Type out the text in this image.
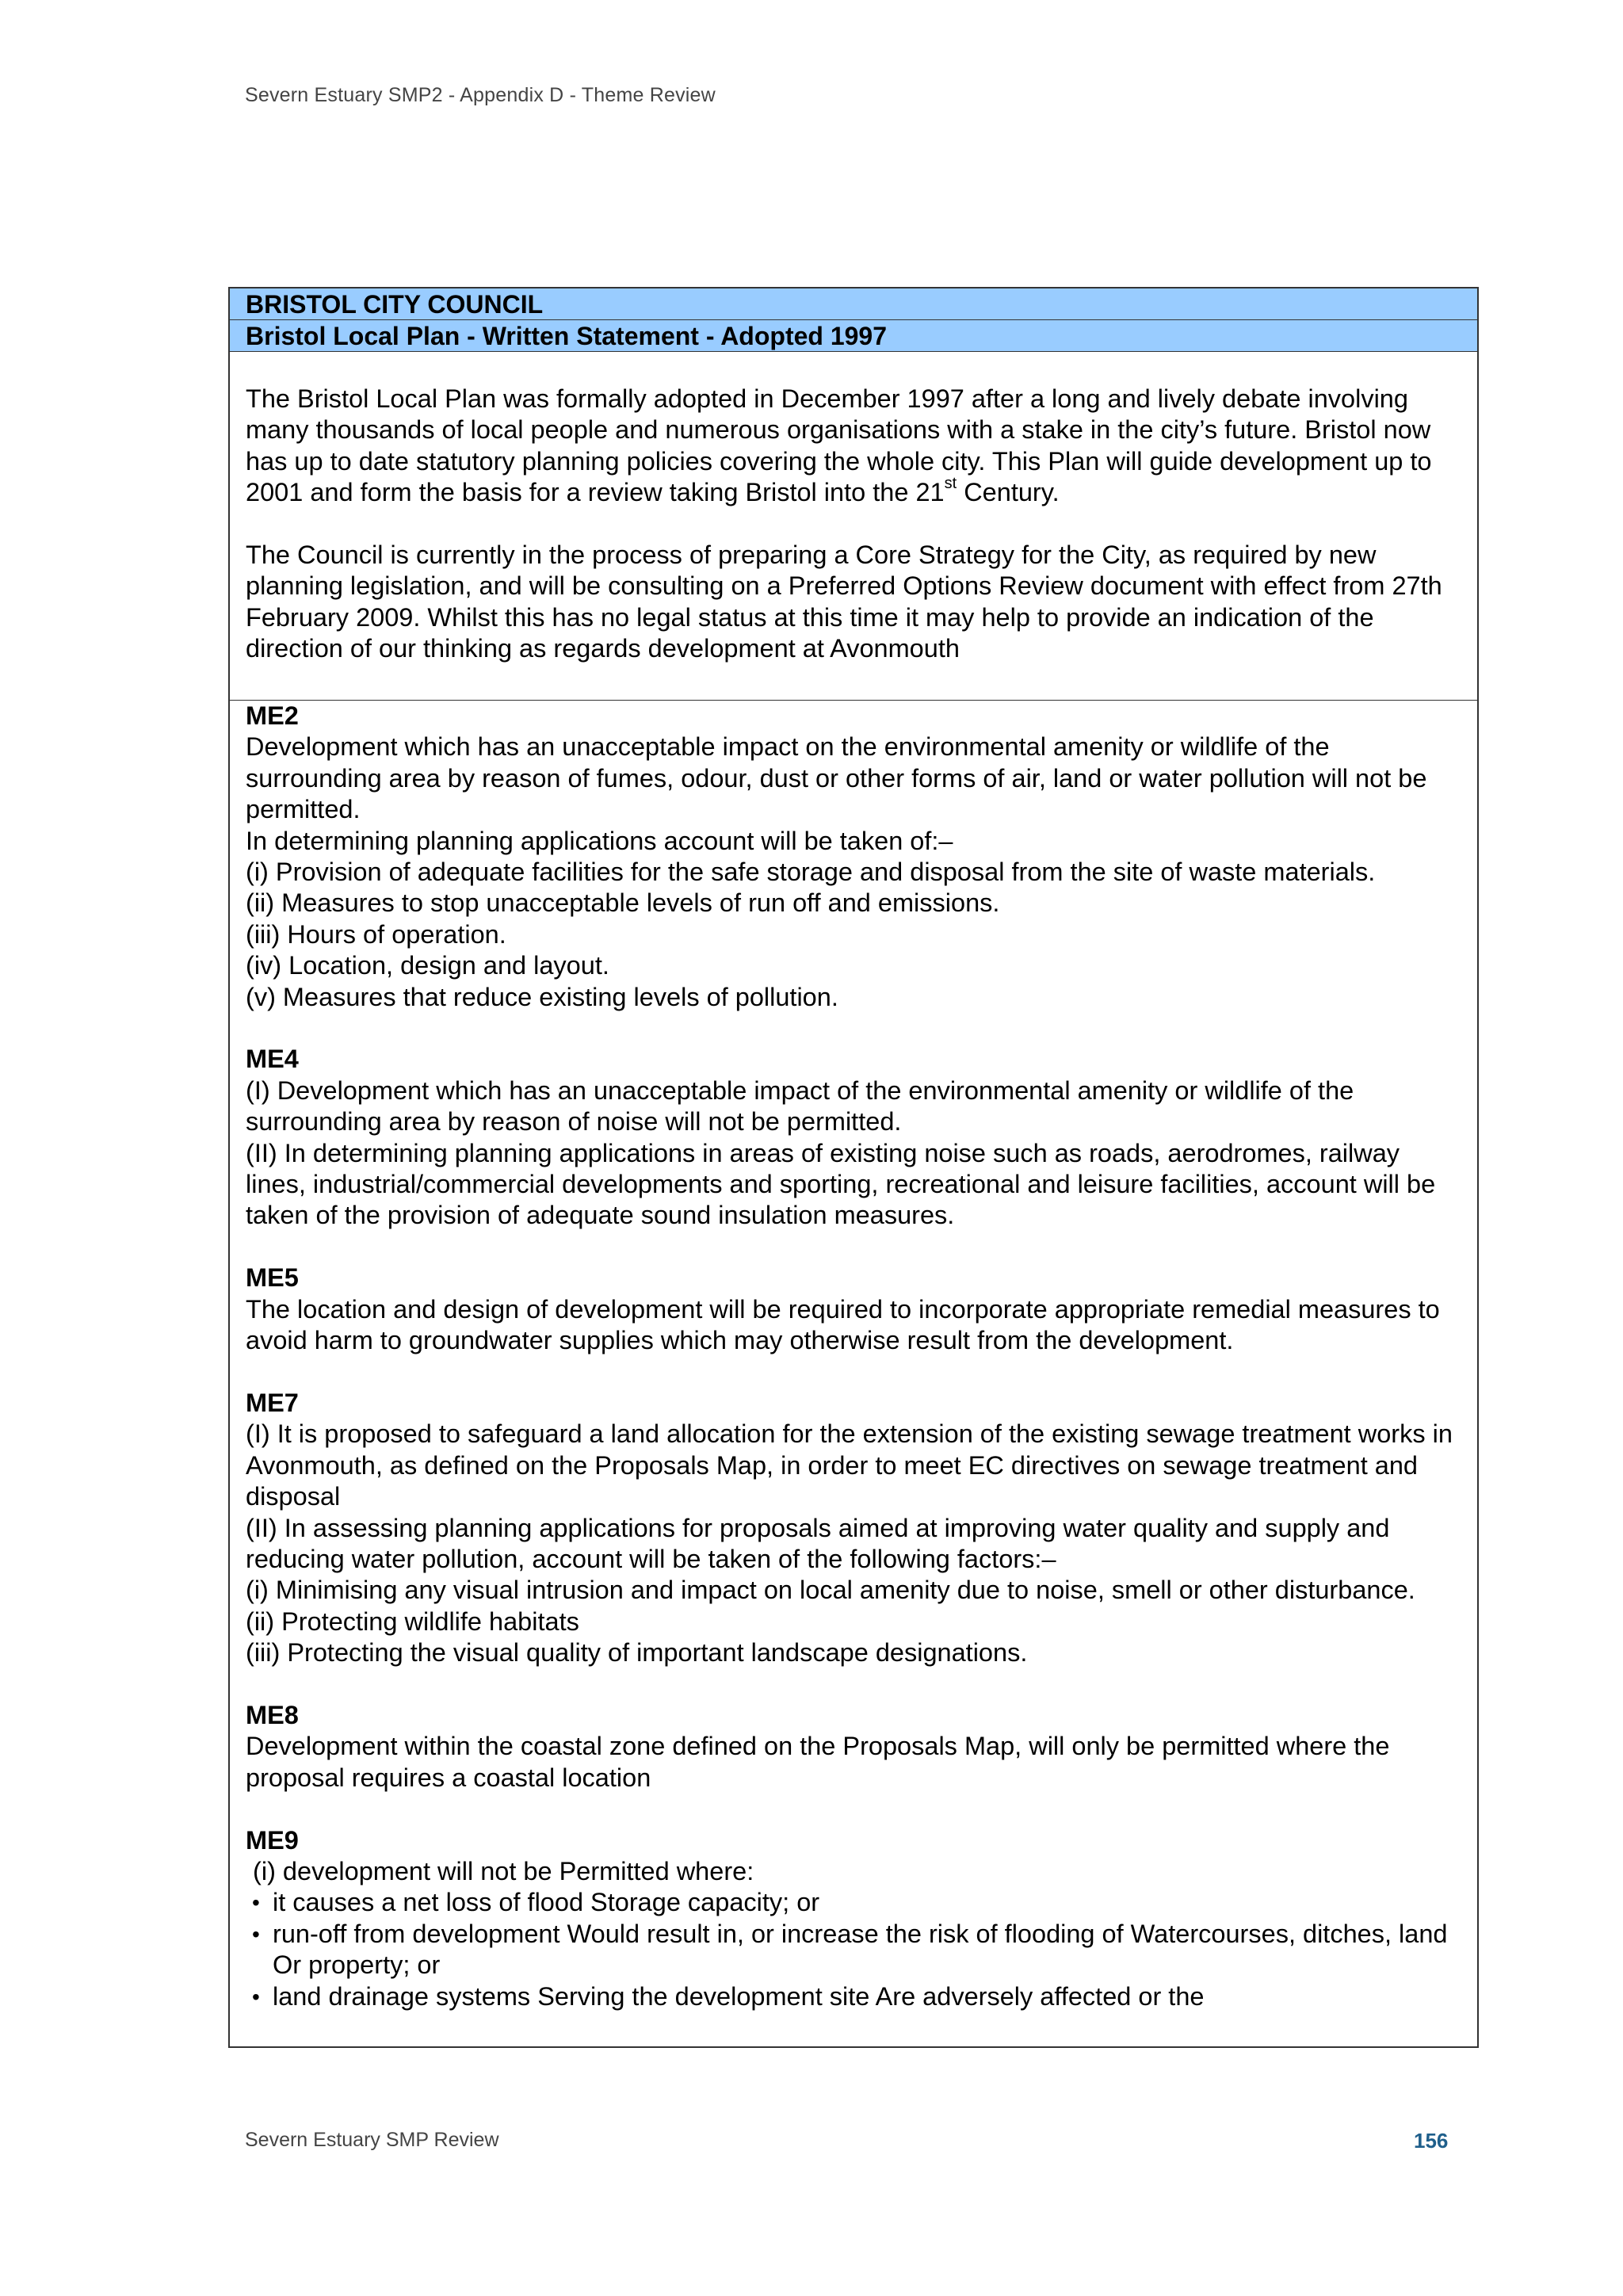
Severn Estuary SMP2 - Appendix D - Theme Review
BRISTOL CITY COUNCIL
Bristol Local Plan - Written Statement - Adopted 1997

The Bristol Local Plan was formally adopted in December 1997 after a long and lively debate involving many thousands of local people and numerous organisations with a stake in the city’s future. Bristol now has up to date statutory planning policies covering the whole city. This Plan will guide development up to 2001 and form the basis for a review taking Bristol into the 21st Century.

The Council is currently in the process of preparing a Core Strategy for the City, as required by new planning legislation, and will be consulting on a Preferred Options Review document with effect from 27th February 2009. Whilst this has no legal status at this time it may help to provide an indication of the direction of our thinking as regards development at Avonmouth

ME2
Development which has an unacceptable impact on the environmental amenity or wildlife of the surrounding area by reason of fumes, odour, dust or other forms of air, land or water pollution will not be permitted.
In determining planning applications account will be taken of:–
(i) Provision of adequate facilities for the safe storage and disposal from the site of waste materials.
(ii) Measures to stop unacceptable levels of run off and emissions.
(iii) Hours of operation.
(iv) Location, design and layout.
(v) Measures that reduce existing levels of pollution.
ME4
(I) Development which has an unacceptable impact of the environmental amenity or wildlife of the surrounding area by reason of noise will not be permitted.
(II) In determining planning applications in areas of existing noise such as roads, aerodromes, railway lines, industrial/commercial developments and sporting, recreational and leisure facilities, account will be taken of the provision of adequate sound insulation measures.
ME5
The location and design of development will be required to incorporate appropriate remedial measures to avoid harm to groundwater supplies which may otherwise result from the development.
ME7
(I) It is proposed to safeguard a land allocation for the extension of the existing sewage treatment works in Avonmouth, as defined on the Proposals Map, in order to meet EC directives on sewage treatment and disposal
(II) In assessing planning applications for proposals aimed at improving water quality and supply and reducing water pollution, account will be taken of the following factors:–
(i) Minimising any visual intrusion and impact on local amenity due to noise, smell or other disturbance.
(ii) Protecting wildlife habitats
(iii) Protecting the visual quality of important landscape designations.
ME8
Development within the coastal zone defined on the Proposals Map, will only be permitted where the proposal requires a coastal location
ME9
(i) development will not be Permitted where:
• it causes a net loss of flood Storage capacity; or
• run-off from development Would result in, or increase the risk of flooding of Watercourses, ditches, land Or property; or
• land drainage systems Serving the development site Are adversely affected or the
Severn Estuary SMP Review	156
